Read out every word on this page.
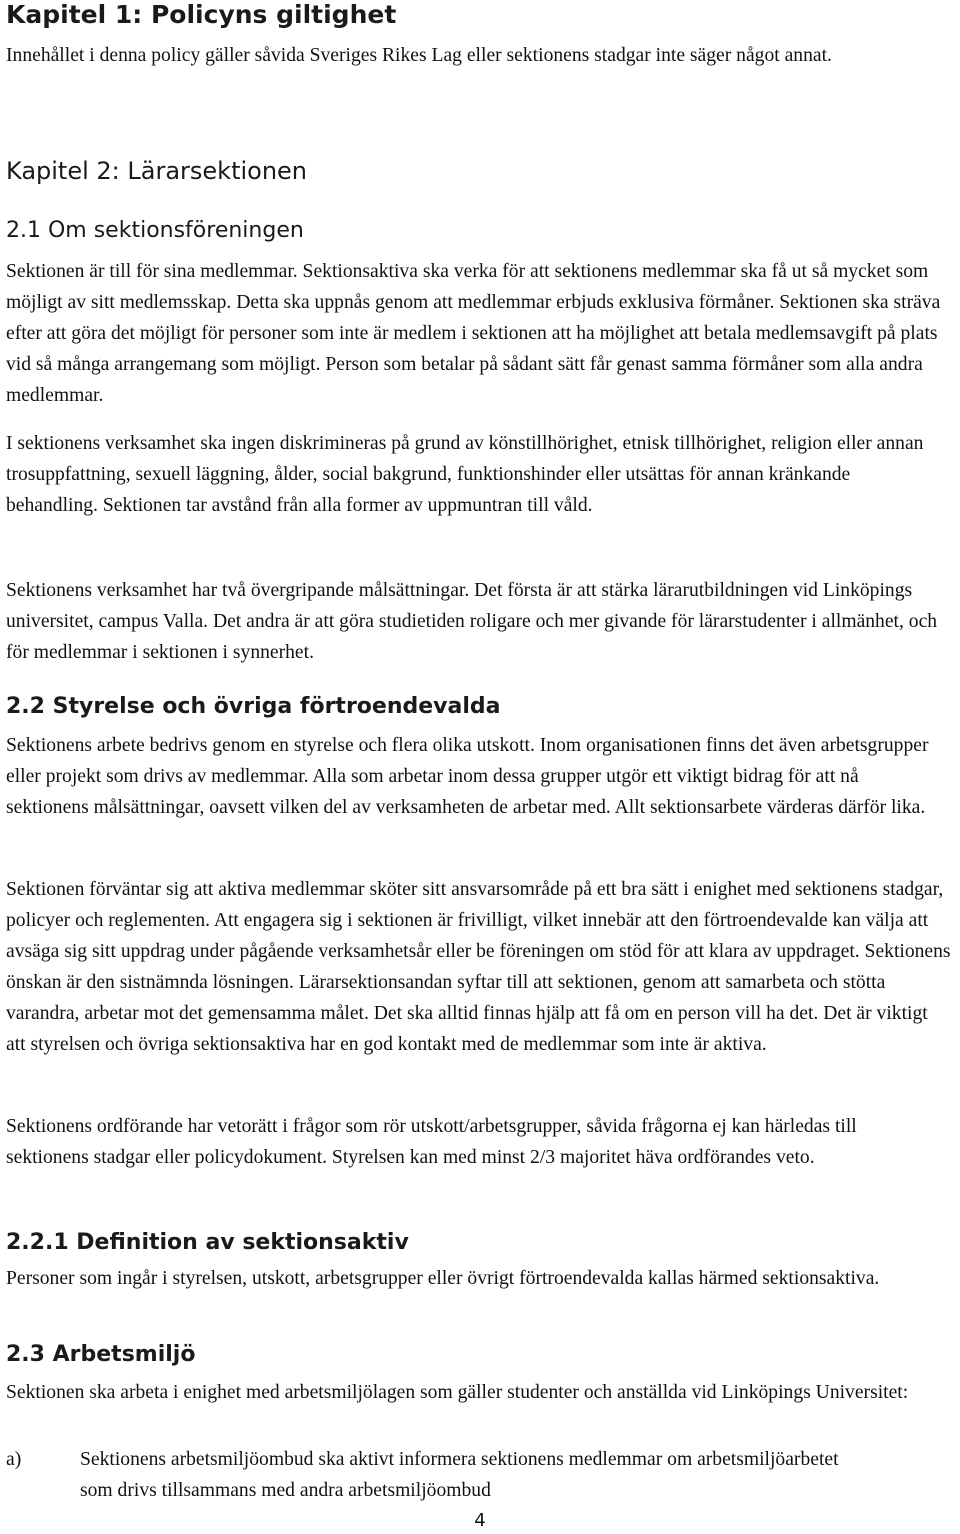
Kapitel 1: Policyns giltighet

Innehållet i denna policy gäller såvida Sveriges Rikes Lag eller sektionens stadgar inte säger något annat.

Kapitel 2: Lärarsektionen
2.1 Om sektionsföreningen

Sektionen är till för sina medlemmar. Sektionsaktiva ska verka för att sektionens medlemmar ska få ut så mycket som möjligt av sitt medlemsskap. Detta ska uppnås genom att medlemmar erbjuds exklusiva förmåner. Sektionen ska sträva efter att göra det möjligt för personer som inte är medlem i sektionen att ha möjlighet att betala medlemsavgift på plats vid så många arrangemang som möjligt. Person som betalar på sådant sätt får genast samma förmåner som alla andra medlemmar.

I sektionens verksamhet ska ingen diskrimineras på grund av könstillhörighet, etnisk tillhörighet, religion eller annan trosuppfattning, sexuell läggning, ålder, social bakgrund, funktionshinder eller utsättas för annan kränkande behandling. Sektionen tar avstånd från alla former av uppmuntran till våld.

Sektionens verksamhet har två övergripande målsättningar. Det första är att stärka lärarutbildningen vid Linköpings universitet, campus Valla. Det andra är att göra studietiden roligare och mer givande för lärarstudenter i allmänhet, och för medlemmar i sektionen i synnerhet.

2.2 Styrelse och övriga förtroendevalda

Sektionens arbete bedrivs genom en styrelse och flera olika utskott. Inom organisationen finns det även arbetsgrupper eller projekt som drivs av medlemmar. Alla som arbetar inom dessa grupper utgör ett viktigt bidrag för att nå sektionens målsättningar, oavsett vilken del av verksamheten de arbetar med. Allt sektionsarbete värderas därför lika.

Sektionen förväntar sig att aktiva medlemmar sköter sitt ansvarsområde på ett bra sätt i enighet med sektionens stadgar, policyer och reglementen. Att engagera sig i sektionen är frivilligt, vilket innebär att den förtroendevalde kan välja att avsäga sig sitt uppdrag under pågående verksamhetsår eller be föreningen om stöd för att klara av uppdraget. Sektionens önskan är den sistnämnda lösningen. Lärarsektionsandan syftar till att sektionen, genom att samarbeta och stötta varandra, arbetar mot det gemensamma målet. Det ska alltid finnas hjälp att få om en person vill ha det. Det är viktigt att styrelsen och övriga sektionsaktiva har en god kontakt med de medlemmar som inte är aktiva.

Sektionens ordförande har vetorätt i frågor som rör utskott/arbetsgrupper, såvida frågorna ej kan härledas till sektionens stadgar eller policydokument. Styrelsen kan med minst 2/3 majoritet häva ordförandes veto.

2.2.1 Definition av sektionsaktiv

Personer som ingår i styrelsen, utskott, arbetsgrupper eller övrigt förtroendevalda kallas härmed sektionsaktiva.

2.3 Arbetsmiljö

Sektionen ska arbeta i enighet med arbetsmiljölagen som gäller studenter och anställda vid Linköpings Universitet:

a)	Sektionens arbetsmiljöombud ska aktivt informera sektionens medlemmar om arbetsmiljöarbetet som drivs tillsammans med andra arbetsmiljöombud

4
